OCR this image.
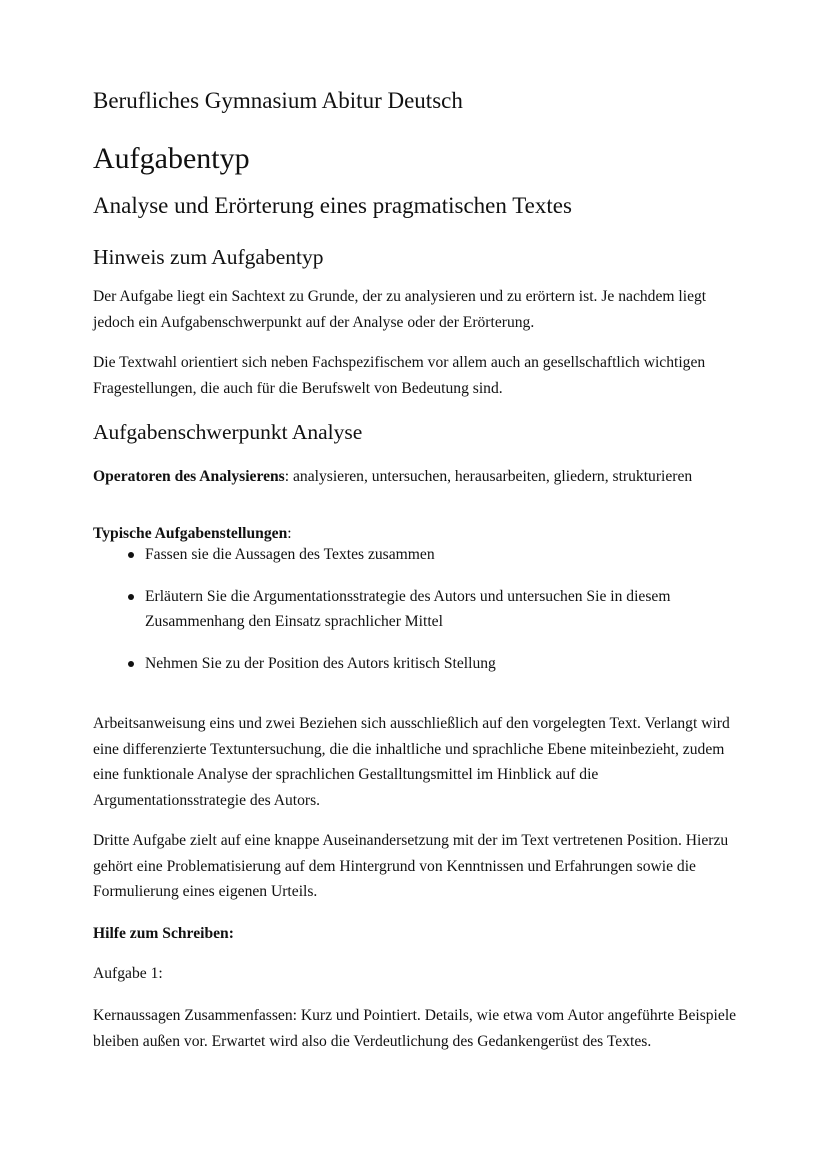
Berufliches Gymnasium Abitur Deutsch
Aufgabentyp
Analyse und Erörterung eines pragmatischen Textes
Hinweis zum Aufgabentyp
Der Aufgabe liegt ein Sachtext zu Grunde, der zu analysieren und zu erörtern ist. Je nachdem liegt jedoch ein Aufgabenschwerpunkt auf der Analyse oder der Erörterung.
Die Textwahl orientiert sich neben Fachspezifischem vor allem auch an gesellschaftlich wichtigen Fragestellungen, die auch für die Berufswelt von Bedeutung sind.
Aufgabenschwerpunkt Analyse
Operatoren des Analysierens: analysieren, untersuchen, herausarbeiten, gliedern, strukturieren
Typische Aufgabenstellungen:
Fassen sie die Aussagen des Textes zusammen
Erläutern Sie die Argumentationsstrategie des Autors und untersuchen Sie in diesem Zusammenhang den Einsatz sprachlicher Mittel
Nehmen Sie zu der Position des Autors kritisch Stellung
Arbeitsanweisung eins und zwei Beziehen sich ausschließlich auf den vorgelegten Text. Verlangt wird eine differenzierte Textuntersuchung, die die inhaltliche und sprachliche Ebene miteinbezieht, zudem eine funktionale Analyse der sprachlichen Gestalltungsmittel im Hinblick auf die Argumentationsstrategie des Autors.
Dritte Aufgabe zielt auf eine knappe Auseinandersetzung mit der im Text vertretenen Position. Hierzu gehört eine Problematisierung auf dem Hintergrund von Kenntnissen und Erfahrungen sowie die Formulierung eines eigenen Urteils.
Hilfe zum Schreiben:
Aufgabe 1:
Kernaussagen Zusammenfassen: Kurz und Pointiert. Details, wie etwa vom Autor angeführte Beispiele bleiben außen vor. Erwartet wird also die Verdeutlichung des Gedankengerüst des Textes.
